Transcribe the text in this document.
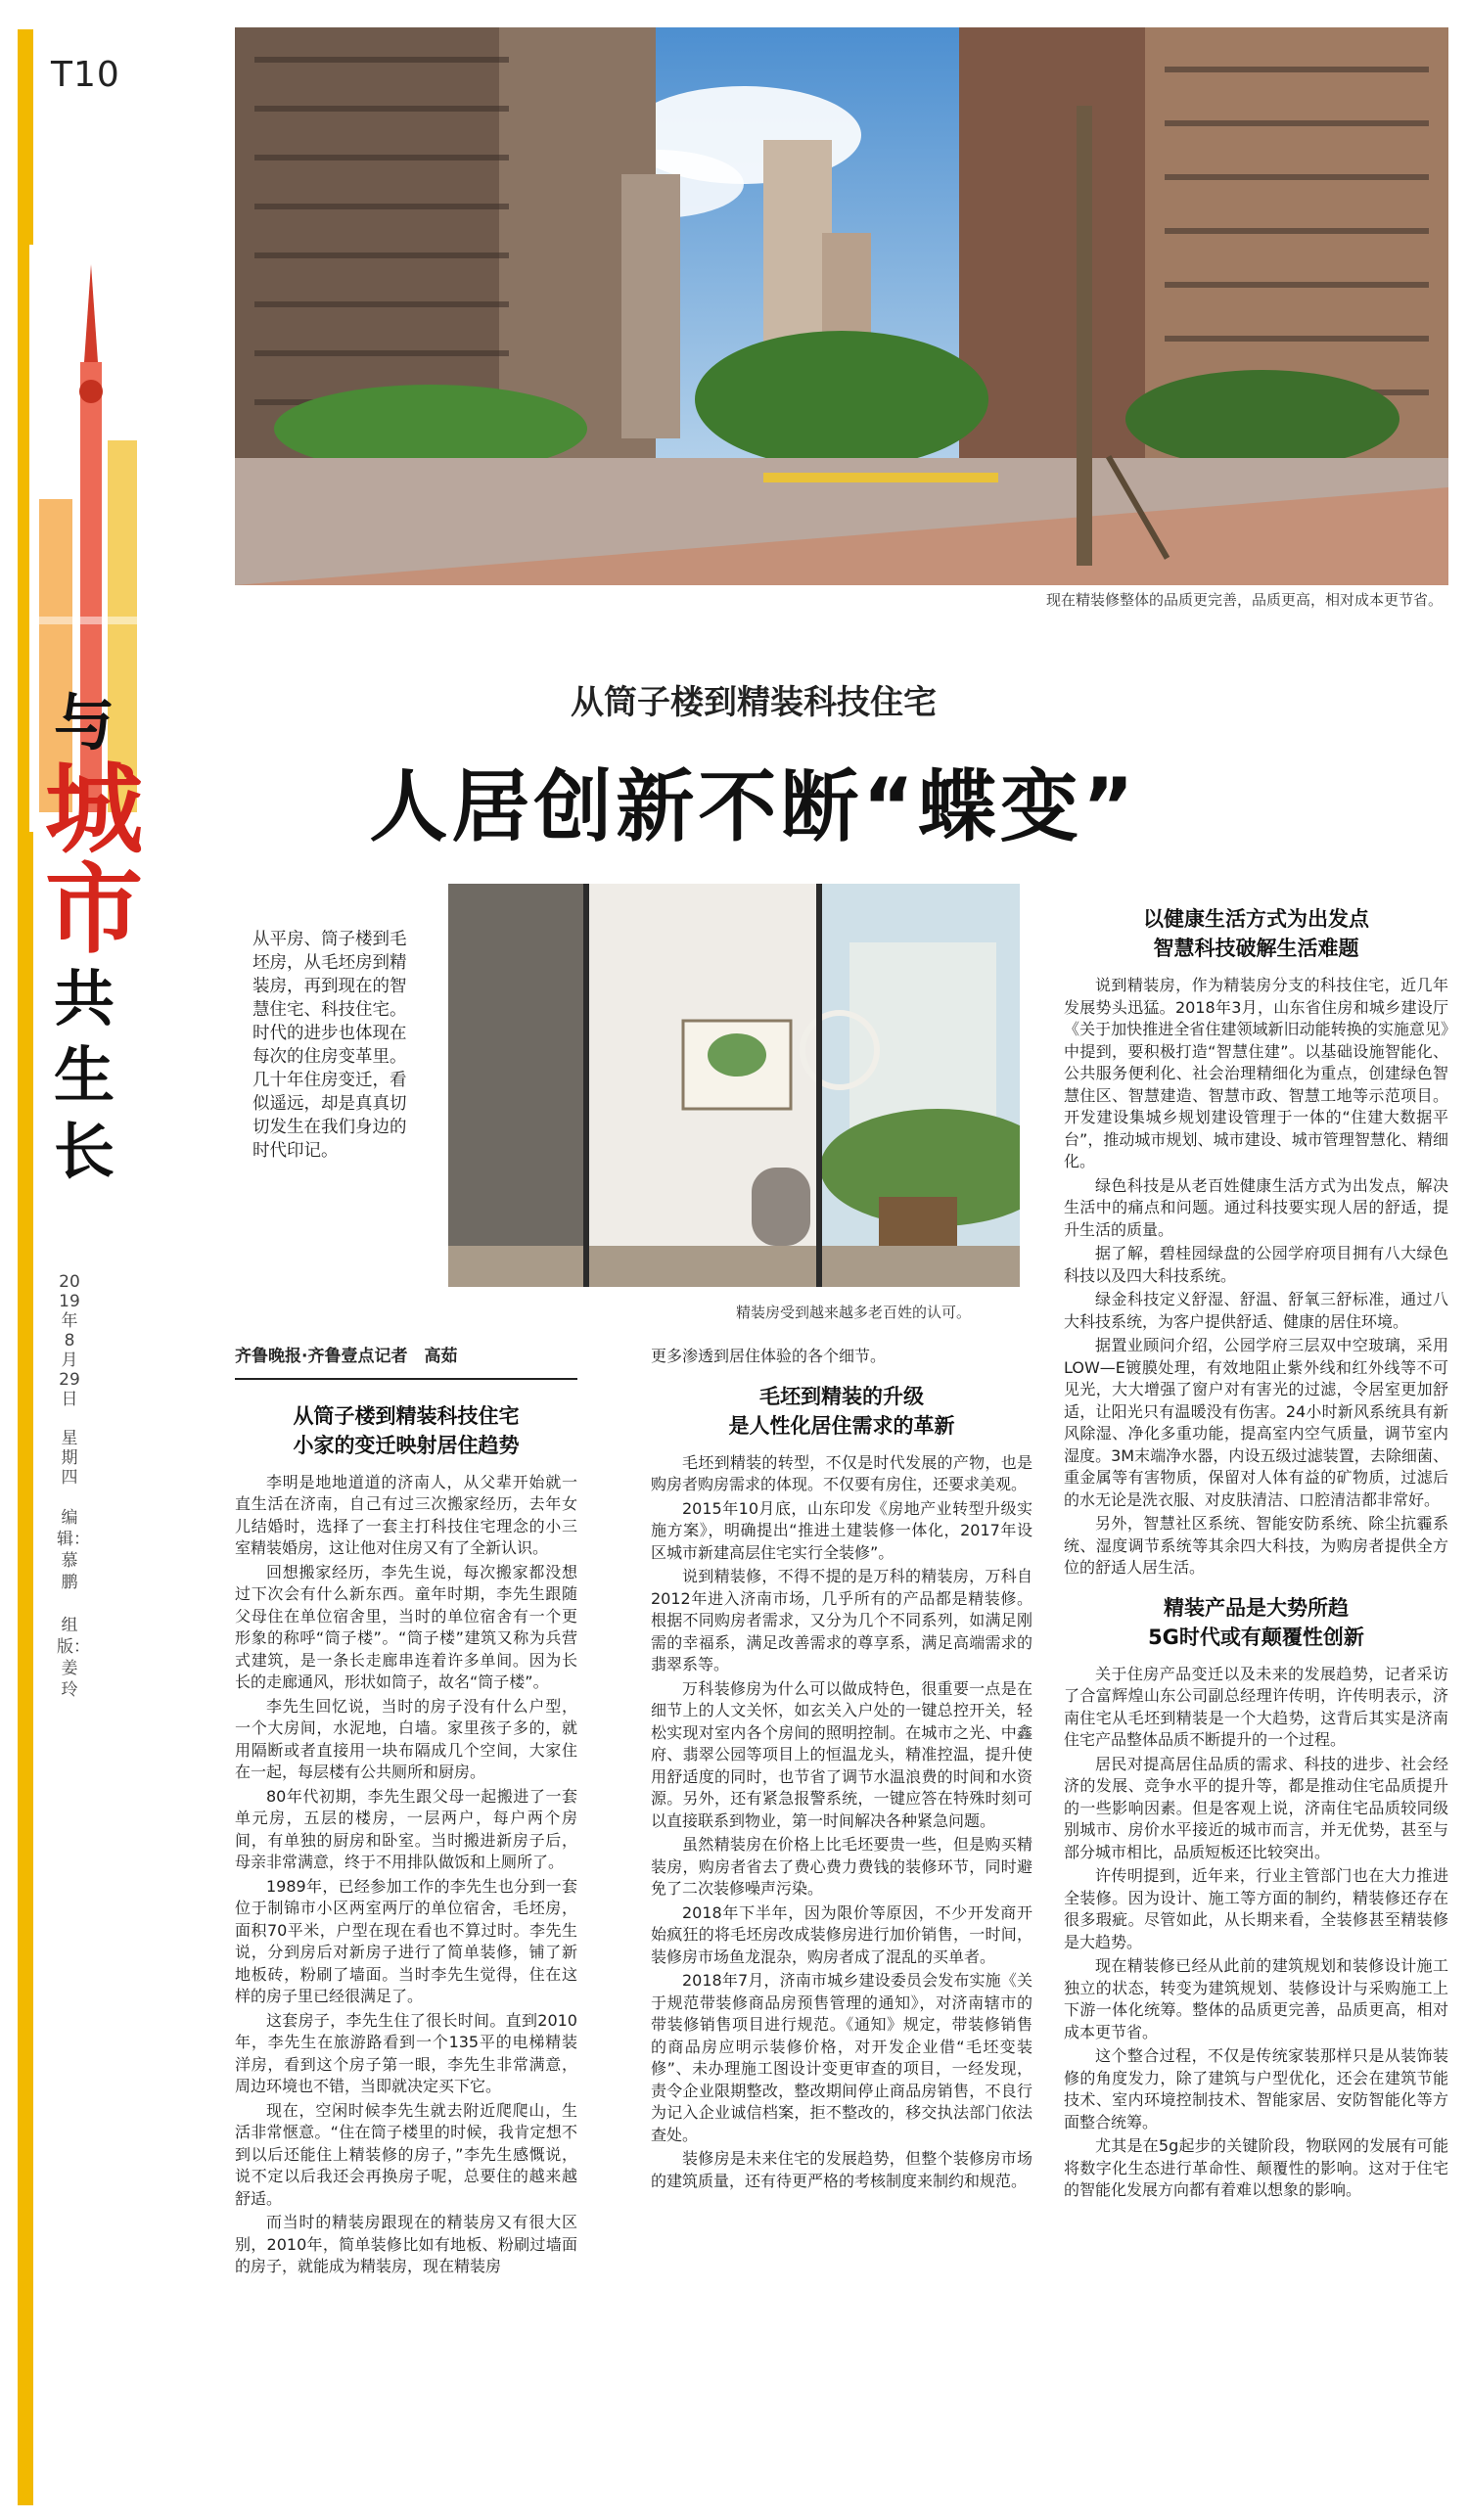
T10
与
城市
共生长
2019年8月29日

星期四
编辑：慕鹏

组版：姜玲
现在精装修整体的品质更完善，品质更高，相对成本更节省。
从筒子楼到精装科技住宅
人居创新不断“蝶变”
从平房、筒子楼到毛坯房，从毛坯房到精装房，再到现在的智慧住宅、科技住宅。时代的进步也体现在每次的住房变革里。几十年住房变迁，看似遥远，却是真真切切发生在我们身边的时代印记。
精装房受到越来越多老百姓的认可。
齐鲁晚报·齐鲁壹点记者　高茹
从筒子楼到精装科技住宅
小家的变迁映射居住趋势

李明是地地道道的济南人，从父辈开始就一直生活在济南，自己有过三次搬家经历，去年女儿结婚时，选择了一套主打科技住宅理念的小三室精装婚房，这让他对住房又有了全新认识。

回想搬家经历，李先生说，每次搬家都没想过下次会有什么新东西。童年时期，李先生跟随父母住在单位宿舍里，当时的单位宿舍有一个更形象的称呼“筒子楼”。“筒子楼”建筑又称为兵营式建筑，是一条长走廊串连着许多单间。因为长长的走廊通风，形状如筒子，故名“筒子楼”。

李先生回忆说，当时的房子没有什么户型，一个大房间，水泥地，白墙。家里孩子多的，就用隔断或者直接用一块布隔成几个空间，大家住在一起，每层楼有公共厕所和厨房。

80年代初期，李先生跟父母一起搬进了一套单元房，五层的楼房，一层两户，每户两个房间，有单独的厨房和卧室。当时搬进新房子后，母亲非常满意，终于不用排队做饭和上厕所了。

1989年，已经参加工作的李先生也分到一套位于制锦市小区两室两厅的单位宿舍，毛坯房，面积70平米，户型在现在看也不算过时。李先生说，分到房后对新房子进行了简单装修，铺了新地板砖，粉刷了墙面。当时李先生觉得，住在这样的房子里已经很满足了。

这套房子，李先生住了很长时间。直到2010年，李先生在旅游路看到一个135平的电梯精装洋房，看到这个房子第一眼，李先生非常满意，周边环境也不错，当即就决定买下它。

现在，空闲时候李先生就去附近爬爬山，生活非常惬意。“住在筒子楼里的时候，我肯定想不到以后还能住上精装修的房子，”李先生感慨说，说不定以后我还会再换房子呢，总要住的越来越舒适。

而当时的精装房跟现在的精装房又有很大区别，2010年，简单装修比如有地板、粉刷过墙面的房子，就能成为精装房，现在精装房

更多渗透到居住体验的各个细节。

毛坯到精装的升级
是人性化居住需求的革新

毛坯到精装的转型，不仅是时代发展的产物，也是购房者购房需求的体现。不仅要有房住，还要求美观。

2015年10月底，山东印发《房地产业转型升级实施方案》，明确提出“推进土建装修一体化，2017年设区城市新建高层住宅实行全装修”。

说到精装修，不得不提的是万科的精装房，万科自2012年进入济南市场，几乎所有的产品都是精装修。根据不同购房者需求，又分为几个不同系列，如满足刚需的幸福系，满足改善需求的尊享系，满足高端需求的翡翠系等。

万科装修房为什么可以做成特色，很重要一点是在细节上的人文关怀，如玄关入户处的一键总控开关，轻松实现对室内各个房间的照明控制。在城市之光、中鑫府、翡翠公园等项目上的恒温龙头，精准控温，提升使用舒适度的同时，也节省了调节水温浪费的时间和水资源。另外，还有紧急报警系统，一键应答在特殊时刻可以直接联系到物业，第一时间解决各种紧急问题。

虽然精装房在价格上比毛坯要贵一些，但是购买精装房，购房者省去了费心费力费钱的装修环节，同时避免了二次装修噪声污染。

2018年下半年，因为限价等原因，不少开发商开始疯狂的将毛坯房改成装修房进行加价销售，一时间，装修房市场鱼龙混杂，购房者成了混乱的买单者。

2018年7月，济南市城乡建设委员会发布实施《关于规范带装修商品房预售管理的通知》，对济南辖市的带装修销售项目进行规范。《通知》规定，带装修销售的商品房应明示装修价格，对开发企业借“毛坯变装修”、未办理施工图设计变更审查的项目，一经发现，责令企业限期整改，整改期间停止商品房销售，不良行为记入企业诚信档案，拒不整改的，移交执法部门依法查处。

装修房是未来住宅的发展趋势，但整个装修房市场的建筑质量，还有待更严格的考核制度来制约和规范。

以健康生活方式为出发点
智慧科技破解生活难题

说到精装房，作为精装房分支的科技住宅，近几年发展势头迅猛。2018年3月，山东省住房和城乡建设厅《关于加快推进全省住建领域新旧动能转换的实施意见》中提到，要积极打造“智慧住建”。以基础设施智能化、公共服务便利化、社会治理精细化为重点，创建绿色智慧住区、智慧建造、智慧市政、智慧工地等示范项目。开发建设集城乡规划建设管理于一体的“住建大数据平台”，推动城市规划、城市建设、城市管理智慧化、精细化。

绿色科技是从老百姓健康生活方式为出发点，解决生活中的痛点和问题。通过科技要实现人居的舒适，提升生活的质量。

据了解，碧桂园绿盘的公园学府项目拥有八大绿色科技以及四大科技系统。

绿金科技定义舒湿、舒温、舒氧三舒标准，通过八大科技系统，为客户提供舒适、健康的居住环境。

据置业顾问介绍，公园学府三层双中空玻璃，采用LOW—E镀膜处理，有效地阻止紫外线和红外线等不可见光，大大增强了窗户对有害光的过滤，令居室更加舒适，让阳光只有温暖没有伤害。24小时新风系统具有新风除湿、净化多重功能，提高室内空气质量，调节室内湿度。3M末端净水器，内设五级过滤装置，去除细菌、重金属等有害物质，保留对人体有益的矿物质，过滤后的水无论是洗衣服、对皮肤清洁、口腔清洁都非常好。

另外，智慧社区系统、智能安防系统、除尘抗霾系统、湿度调节系统等其余四大科技，为购房者提供全方位的舒适人居生活。

精装产品是大势所趋
5G时代或有颠覆性创新

关于住房产品变迁以及未来的发展趋势，记者采访了合富辉煌山东公司副总经理许传明，许传明表示，济南住宅从毛坯到精装是一个大趋势，这背后其实是济南住宅产品整体品质不断提升的一个过程。

居民对提高居住品质的需求、科技的进步、社会经济的发展、竞争水平的提升等，都是推动住宅品质提升的一些影响因素。但是客观上说，济南住宅品质较同级别城市、房价水平接近的城市而言，并无优势，甚至与部分城市相比，品质短板还比较突出。

许传明提到，近年来，行业主管部门也在大力推进全装修。因为设计、施工等方面的制约，精装修还存在很多瑕疵。尽管如此，从长期来看，全装修甚至精装修是大趋势。

现在精装修已经从此前的建筑规划和装修设计施工独立的状态，转变为建筑规划、装修设计与采购施工上下游一体化统筹。整体的品质更完善，品质更高，相对成本更节省。

这个整合过程，不仅是传统家装那样只是从装饰装修的角度发力，除了建筑与户型优化，还会在建筑节能技术、室内环境控制技术、智能家居、安防智能化等方面整合统筹。

尤其是在5g起步的关键阶段，物联网的发展有可能将数字化生态进行革命性、颠覆性的影响。这对于住宅的智能化发展方向都有着难以想象的影响。
